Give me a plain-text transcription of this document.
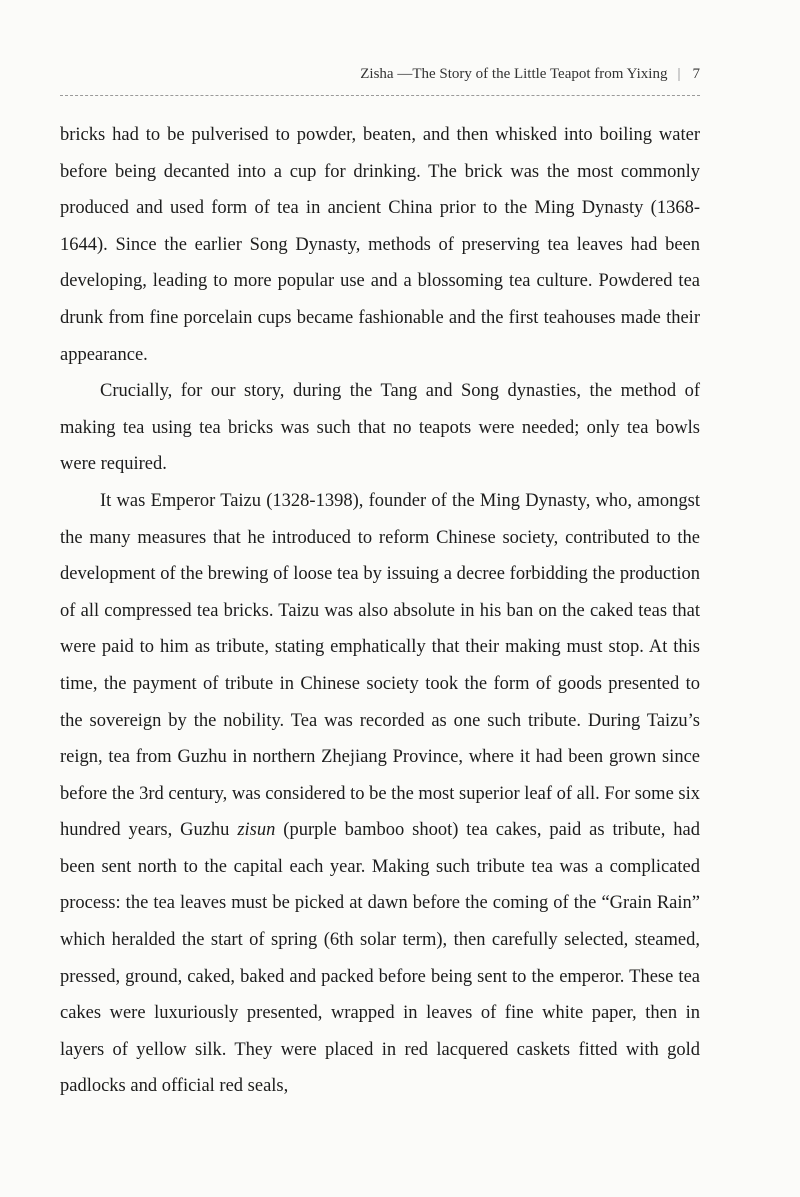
Zisha —The Story of the Little Teapot from Yixing | 7

bricks had to be pulverised to powder, beaten, and then whisked into boiling water before being decanted into a cup for drinking. The brick was the most commonly produced and used form of tea in ancient China prior to the Ming Dynasty (1368-1644). Since the earlier Song Dynasty, methods of preserving tea leaves had been developing, leading to more popular use and a blossoming tea culture. Powdered tea drunk from fine porcelain cups became fashionable and the first teahouses made their appearance.

Crucially, for our story, during the Tang and Song dynasties, the method of making tea using tea bricks was such that no teapots were needed; only tea bowls were required.

It was Emperor Taizu (1328-1398), founder of the Ming Dynasty, who, amongst the many measures that he introduced to reform Chinese society, contributed to the development of the brewing of loose tea by issuing a decree forbidding the production of all compressed tea bricks. Taizu was also absolute in his ban on the caked teas that were paid to him as tribute, stating emphatically that their making must stop. At this time, the payment of tribute in Chinese society took the form of goods presented to the sovereign by the nobility. Tea was recorded as one such tribute. During Taizu’s reign, tea from Guzhu in northern Zhejiang Province, where it had been grown since before the 3rd century, was considered to be the most superior leaf of all. For some six hundred years, Guzhu zisun (purple bamboo shoot) tea cakes, paid as tribute, had been sent north to the capital each year. Making such tribute tea was a complicated process: the tea leaves must be picked at dawn before the coming of the “Grain Rain” which heralded the start of spring (6th solar term), then carefully selected, steamed, pressed, ground, caked, baked and packed before being sent to the emperor. These tea cakes were luxuriously presented, wrapped in leaves of fine white paper, then in layers of yellow silk. They were placed in red lacquered caskets fitted with gold padlocks and official red seals,
